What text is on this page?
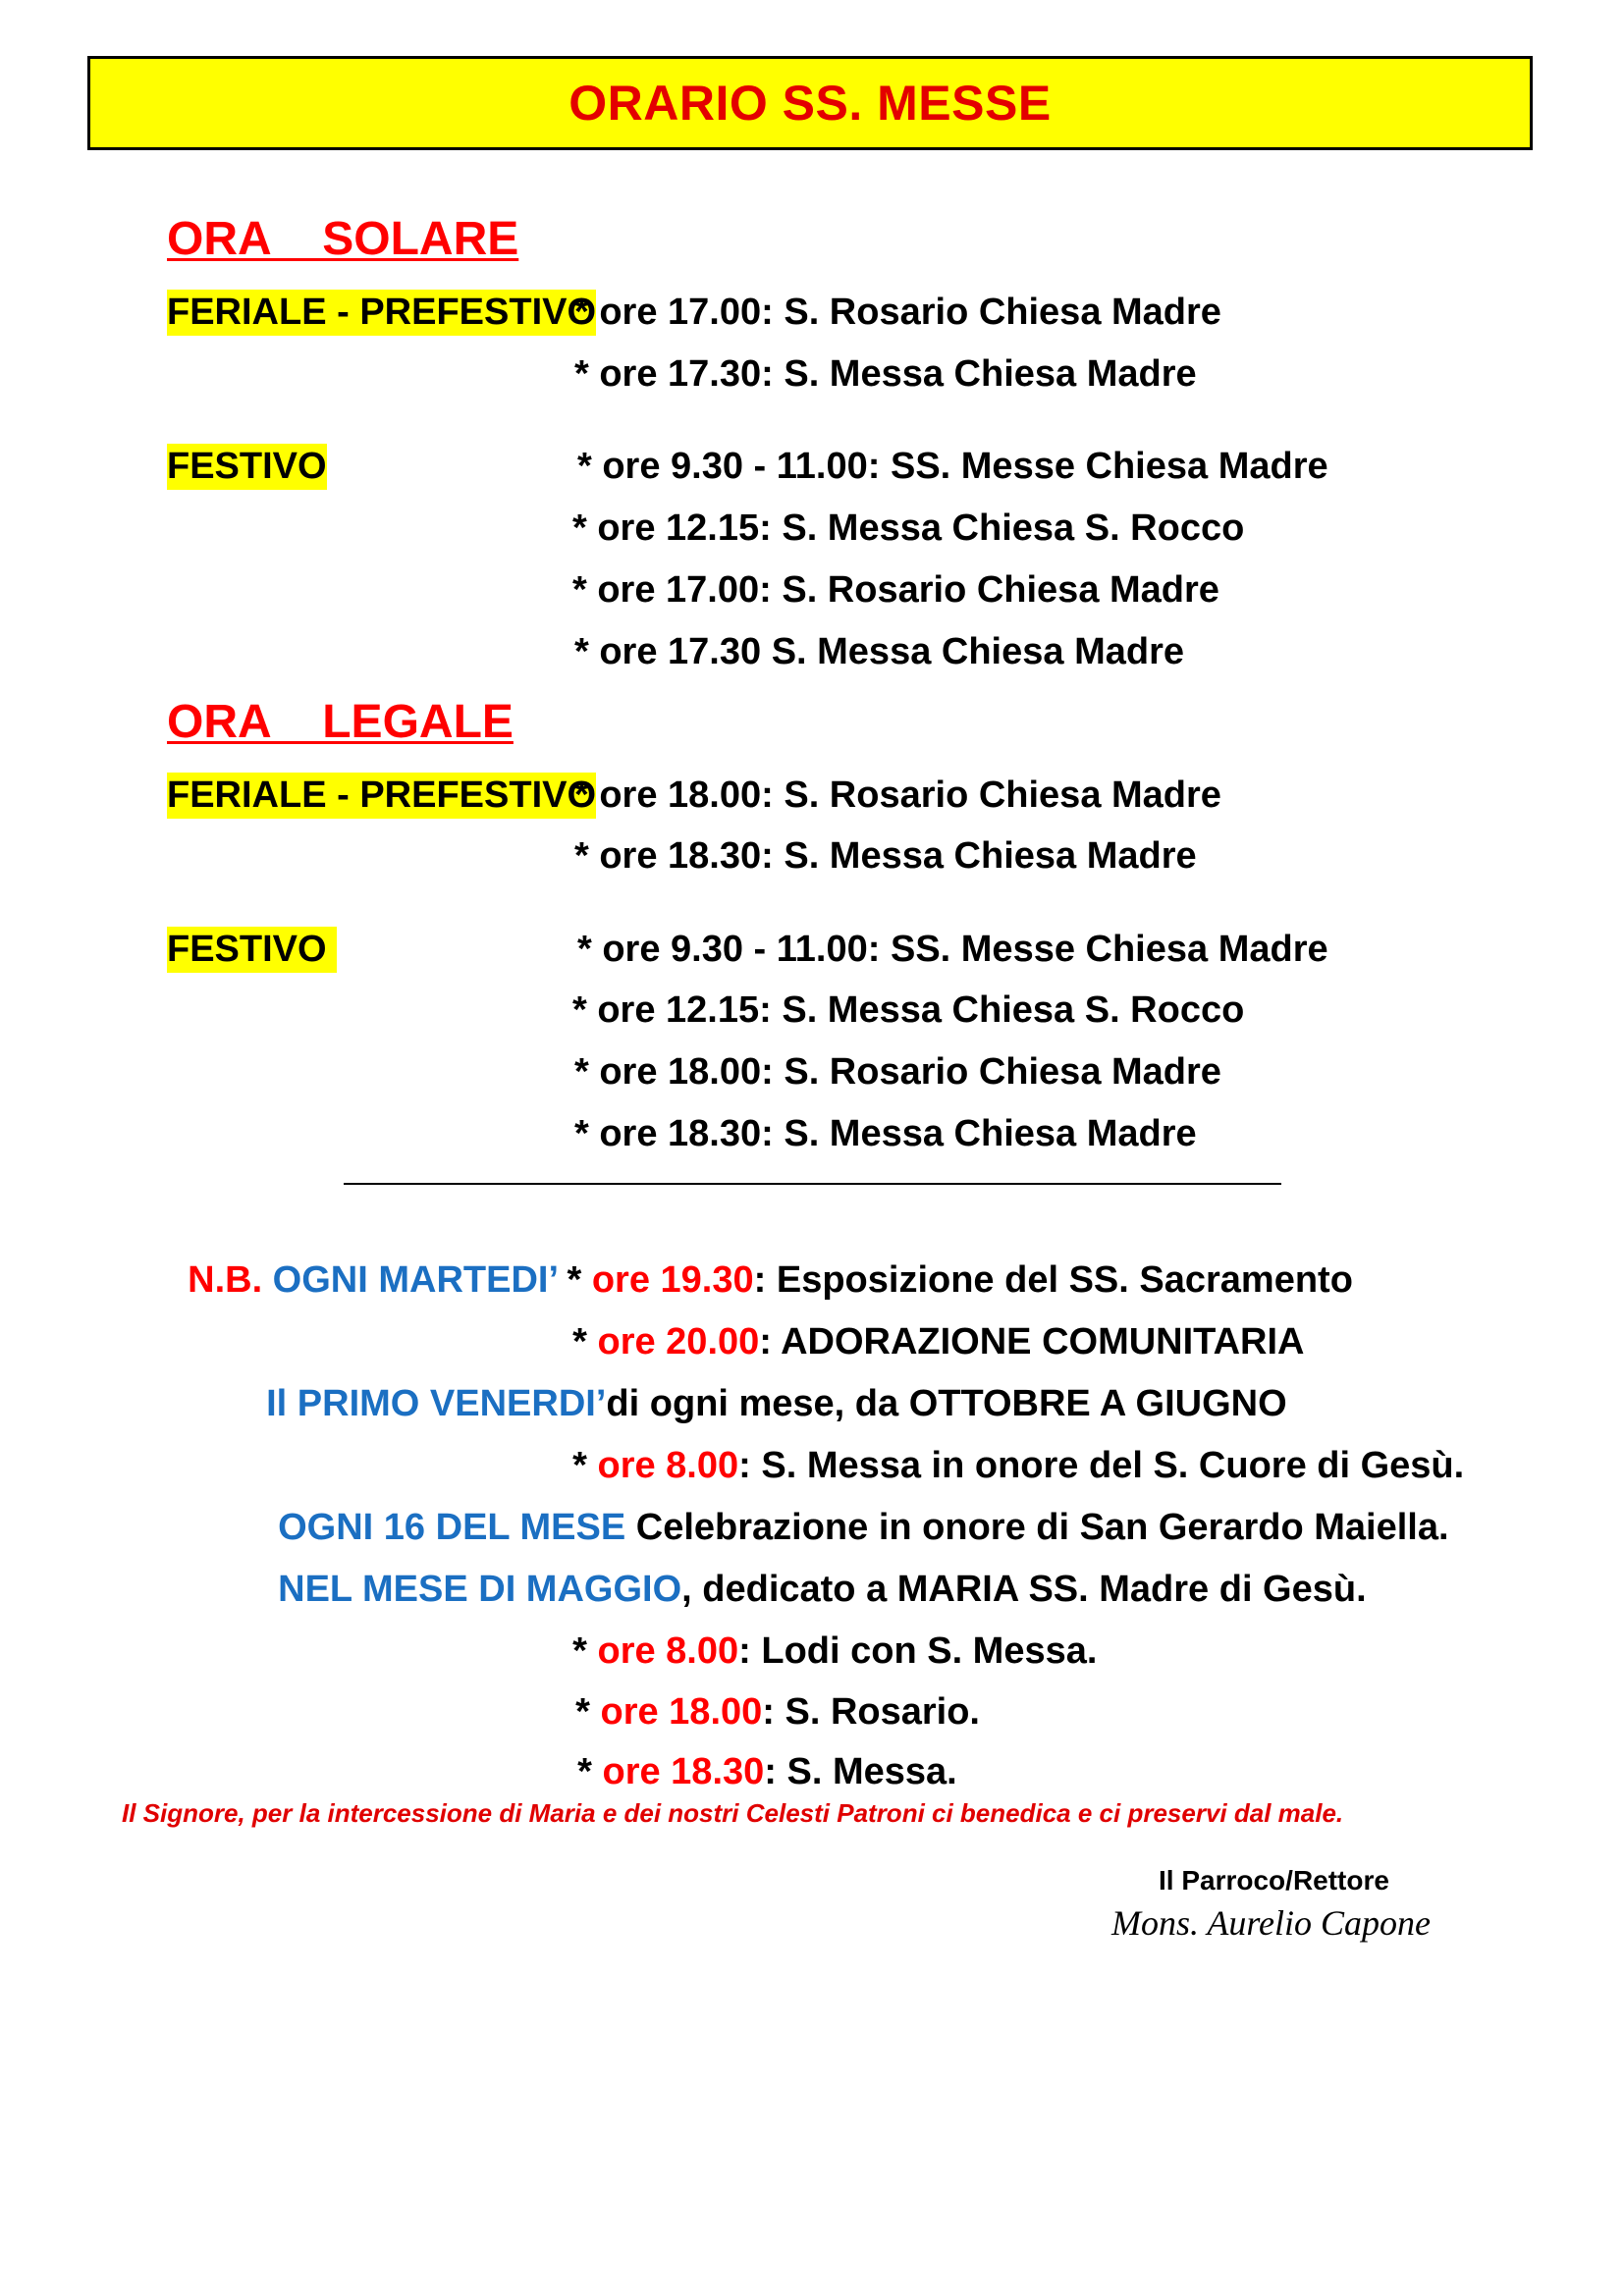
ORARIO SS. MESSE
ORA    SOLARE
FERIALE - PREFESTIVO
* ore 17.00: S. Rosario Chiesa Madre
* ore 17.30: S. Messa Chiesa Madre
FESTIVO	* ore 9.30 - 11.00: SS. Messe Chiesa Madre
* ore 12.15: S. Messa Chiesa S. Rocco
* ore 17.00: S. Rosario Chiesa Madre
* ore 17.30 S. Messa Chiesa Madre
ORA    LEGALE
FERIALE - PREFESTIVO
* ore 18.00: S. Rosario Chiesa Madre
* ore 18.30: S. Messa Chiesa Madre
FESTIVO	* ore 9.30 - 11.00: SS. Messe Chiesa Madre
* ore 12.15: S. Messa Chiesa S. Rocco
* ore 18.00: S. Rosario Chiesa Madre
* ore 18.30: S. Messa Chiesa Madre

N.B. OGNI MARTEDI’ * ore 19.30: Esposizione del SS. Sacramento

* ore 20.00: ADORAZIONE COMUNITARIA

Il PRIMO VENERDI’di ogni mese, da OTTOBRE A GIUGNO

* ore 8.00: S. Messa in onore del S. Cuore di Gesù.

OGNI 16 DEL MESE Celebrazione in onore di San Gerardo Maiella.

NEL MESE DI MAGGIO, dedicato a MARIA SS. Madre di Gesù.

* ore 8.00: Lodi con S. Messa.

* ore 18.00: S. Rosario.

* ore 18.30: S. Messa.

Il Signore, per la intercessione di Maria e dei nostri Celesti Patroni ci benedica e ci preservi dal male.
Il Parroco/Rettore
Mons. Aurelio Capone
